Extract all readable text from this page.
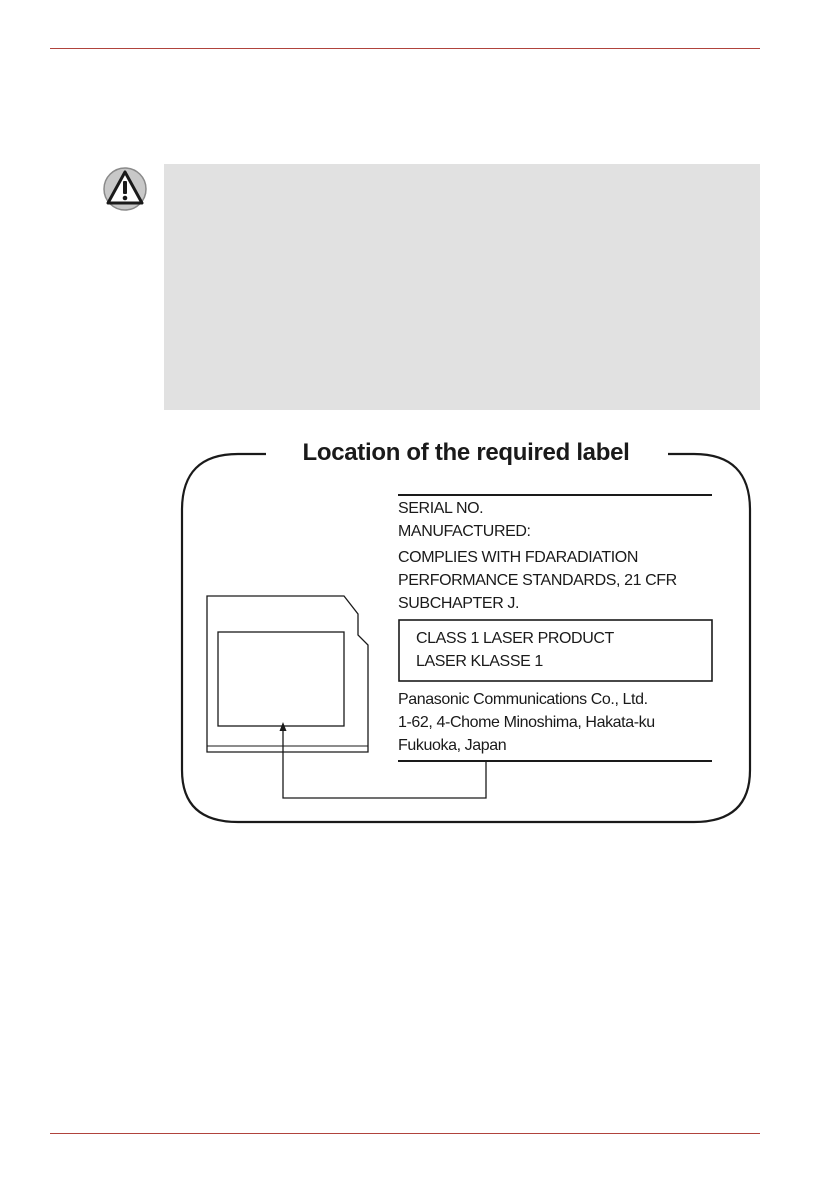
Location of the required label
SERIAL NO.
MANUFACTURED:
COMPLIES WITH FDARADIATION
PERFORMANCE STANDARDS, 21 CFR
SUBCHAPTER J.
CLASS 1 LASER PRODUCT
LASER KLASSE 1
Panasonic Communications Co., Ltd.
1-62, 4-Chome Minoshima, Hakata-ku
Fukuoka, Japan
